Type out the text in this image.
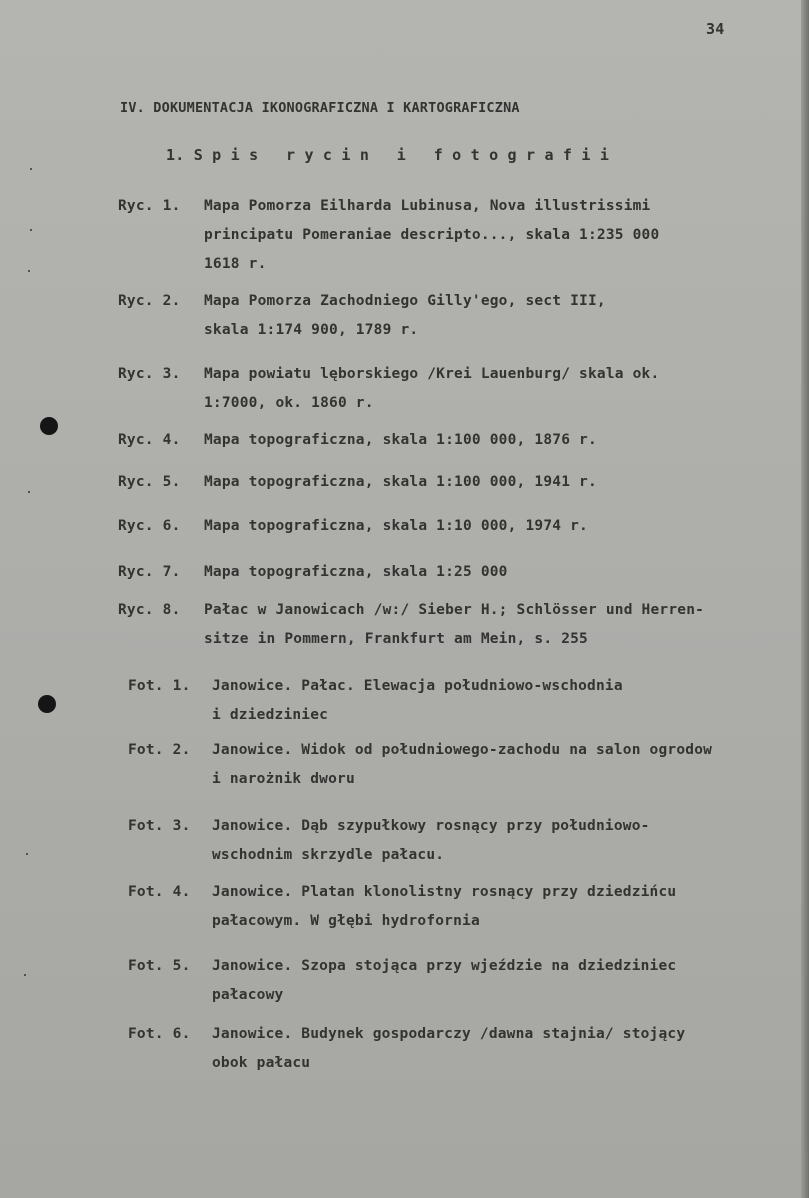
34
IV. DOKUMENTACJA IKONOGRAFICZNA I KARTOGRAFICZNA
1. S p i s   r y c i n   i   f o t o g r a f i i
Ryc. 1. Mapa Pomorza Eilharda Lubinusa, Nova illustrissimi
principatu Pomeraniae descripto..., skala 1:235 000
1618 r.
Ryc. 2. Mapa Pomorza Zachodniego Gilly'ego, sect III,
skala 1:174 900, 1789 r.
Ryc. 3. Mapa powiatu lęborskiego /Krei Lauenburg/ skala ok.
1:7000, ok. 1860 r.
Ryc. 4. Mapa topograficzna, skala 1:100 000, 1876 r.
Ryc. 5. Mapa topograficzna, skala 1:100 000, 1941 r.
Ryc. 6. Mapa topograficzna, skala 1:10 000, 1974 r.
Ryc. 7. Mapa topograficzna, skala 1:25 000
Ryc. 8. Pałac w Janowicach /w:/ Sieber H.; Schlösser und Herren-
sitze in Pommern, Frankfurt am Mein, s. 255
Fot. 1. Janowice. Pałac. Elewacja południowo-wschodnia
i dziedziniec
Fot. 2. Janowice. Widok od południowego-zachodu na salon ogrodow
i narożnik dworu
Fot. 3. Janowice. Dąb szypułkowy rosnący przy południowo-
wschodnim skrzydle pałacu.
Fot. 4. Janowice. Platan klonolistny rosnący przy dziedzińcu
pałacowym. W głębi hydrofornia
Fot. 5. Janowice. Szopa stojąca przy wjeździe na dziedziniec
pałacowy
Fot. 6. Janowice. Budynek gospodarczy /dawna stajnia/ stojący
obok pałacu
